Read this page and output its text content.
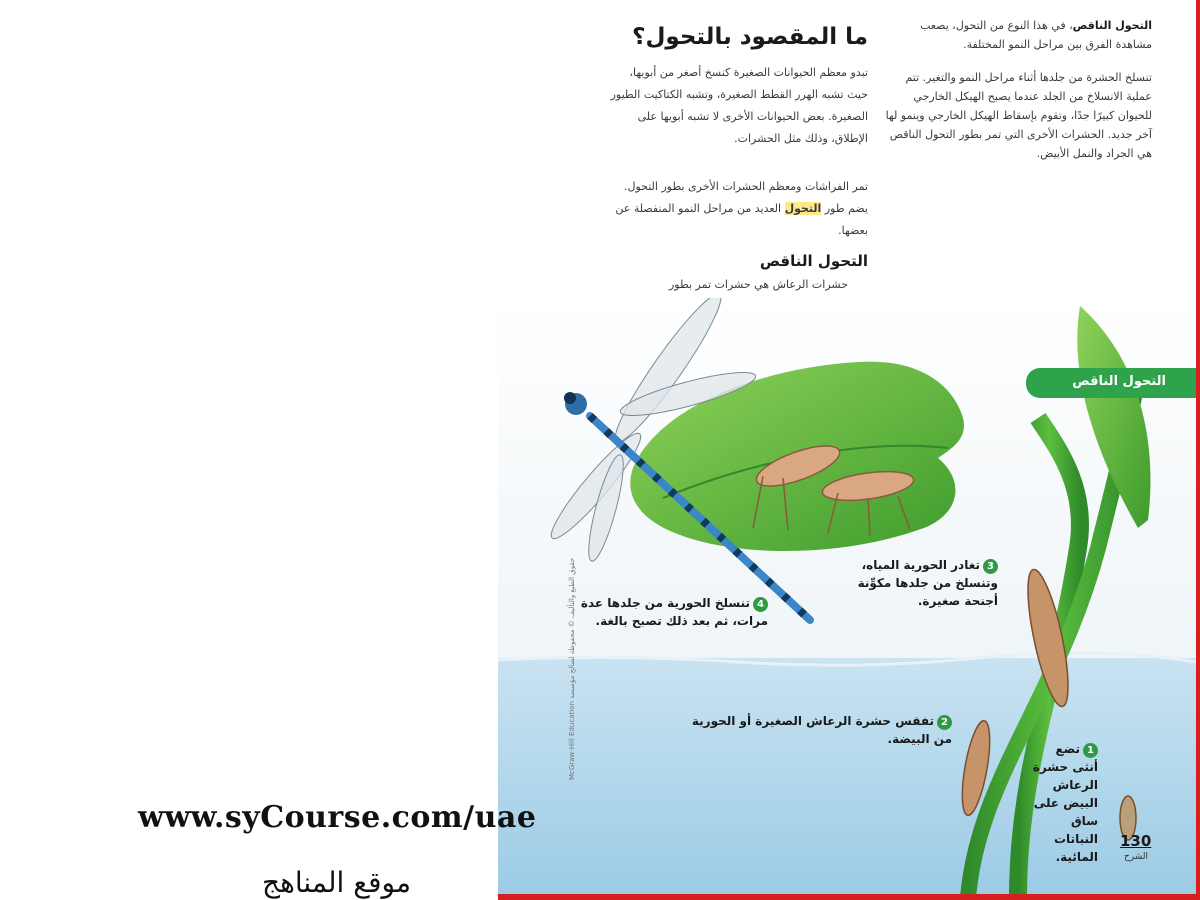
التحول الناقص، في هذا النوع من التحول، يصعب مشاهدة الفرق بين مراحل النمو المختلفة.
تنسلخ الحشرة من جلدها أثناء مراحل النمو والتغير. تتم عملية الانسلاخ من الجلد عندما يصبح الهيكل الخارجي للحيوان كبيرًا جدًا، وتقوم بإسقاط الهيكل الخارجي وينمو لها آخر جديد. الحشرات الأخرى التي تمر بطور التحول الناقص هي الجراد والنمل الأبيض.
ما المقصود بالتحول؟
تبدو معظم الحيوانات الصغيرة كنسخ أصغر من أبويها، حيث تشبه الهرر القطط الصغيرة، وتشبه الكتاكيت الطيور الصغيرة. بعض الحيوانات الأخرى لا تشبه أبويها على الإطلاق، وذلك مثل الحشرات.
تمر الفراشات ومعظم الحشرات الأخرى بطور التحول. يضم طور التحول العديد من مراحل النمو المنفصلة عن بعضها.
التحول الناقص
حشرات الرعاش هي حشرات تمر بطور
التحول الناقص
3تغادر الحورية المياه، وتنسلخ من جلدها مكوِّنة أجنحة صغيرة.
4تنسلخ الحورية من جلدها عدة مرات، ثم بعد ذلك تصبح بالغة.
2تفقس حشرة الرعاش الصغيرة أو الحورية من البيضة.
1تضع أنثى حشرة الرعاش البيض على ساق النباتات المائية.
McGraw-Hill Education حقوق الطبع والتأليف © محفوظة لصالح مؤسسة
130
الشرح
www.syCourse.com/uae
موقع المناهج
